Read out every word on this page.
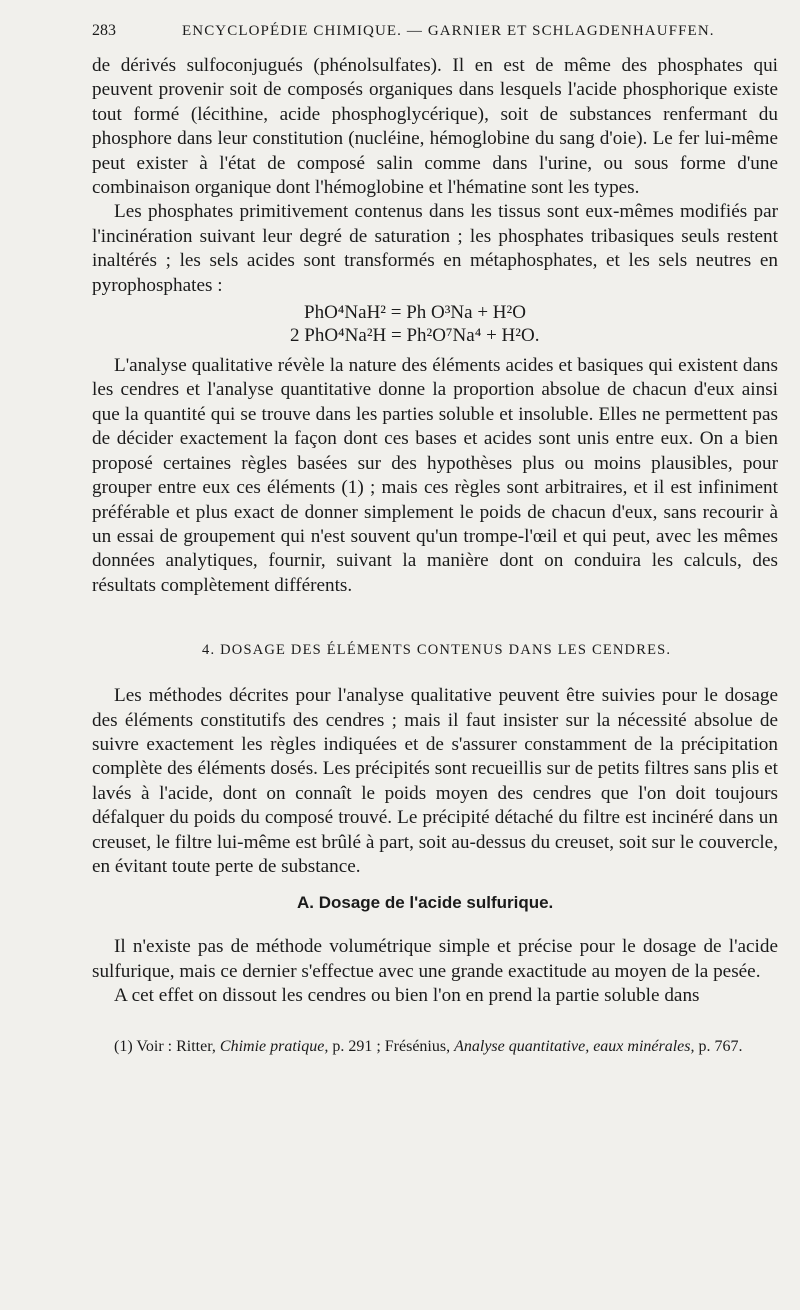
283	ENCYCLOPÉDIE CHIMIQUE. — GARNIER ET SCHLAGDENHAUFFEN.

de dérivés sulfoconjugués (phénolsulfates). Il en est de même des phosphates qui peuvent provenir soit de composés organiques dans lesquels l'acide phosphorique existe tout formé (lécithine, acide phosphoglycérique), soit de substances renfermant du phosphore dans leur constitution (nucléine, hémoglobine du sang d'oie). Le fer lui-même peut exister à l'état de composé salin comme dans l'urine, ou sous forme d'une combinaison organique dont l'hémoglobine et l'hématine sont les types.

Les phosphates primitivement contenus dans les tissus sont eux-mêmes modifiés par l'incinération suivant leur degré de saturation ; les phosphates tribasiques seuls restent inaltérés ; les sels acides sont transformés en métaphosphates, et les sels neutres en pyrophosphates :

PhO⁴NaH² = Ph O³Na + H²O
2 PhO⁴Na²H = Ph²O⁷Na⁴ + H²O.

L'analyse qualitative révèle la nature des éléments acides et basiques qui existent dans les cendres et l'analyse quantitative donne la proportion absolue de chacun d'eux ainsi que la quantité qui se trouve dans les parties soluble et insoluble. Elles ne permettent pas de décider exactement la façon dont ces bases et acides sont unis entre eux. On a bien proposé certaines règles basées sur des hypothèses plus ou moins plausibles, pour grouper entre eux ces éléments (1) ; mais ces règles sont arbitraires, et il est infiniment préférable et plus exact de donner simplement le poids de chacun d'eux, sans recourir à un essai de groupement qui n'est souvent qu'un trompe-l'œil et qui peut, avec les mêmes données analytiques, fournir, suivant la manière dont on conduira les calculs, des résultats complètement différents.

4. DOSAGE DES ÉLÉMENTS CONTENUS DANS LES CENDRES.

Les méthodes décrites pour l'analyse qualitative peuvent être suivies pour le dosage des éléments constitutifs des cendres ; mais il faut insister sur la nécessité absolue de suivre exactement les règles indiquées et de s'assurer constamment de la précipitation complète des éléments dosés. Les précipités sont recueillis sur de petits filtres sans plis et lavés à l'acide, dont on connaît le poids moyen des cendres que l'on doit toujours défalquer du poids du composé trouvé. Le précipité détaché du filtre est incinéré dans un creuset, le filtre lui-même est brûlé à part, soit au-dessus du creuset, soit sur le couvercle, en évitant toute perte de substance.

A. Dosage de l'acide sulfurique.

Il n'existe pas de méthode volumétrique simple et précise pour le dosage de l'acide sulfurique, mais ce dernier s'effectue avec une grande exactitude au moyen de la pesée.

A cet effet on dissout les cendres ou bien l'on en prend la partie soluble dans

(1) Voir : Ritter, Chimie pratique, p. 291 ; Frésénius, Analyse quantitative, eaux minérales, p. 767.
